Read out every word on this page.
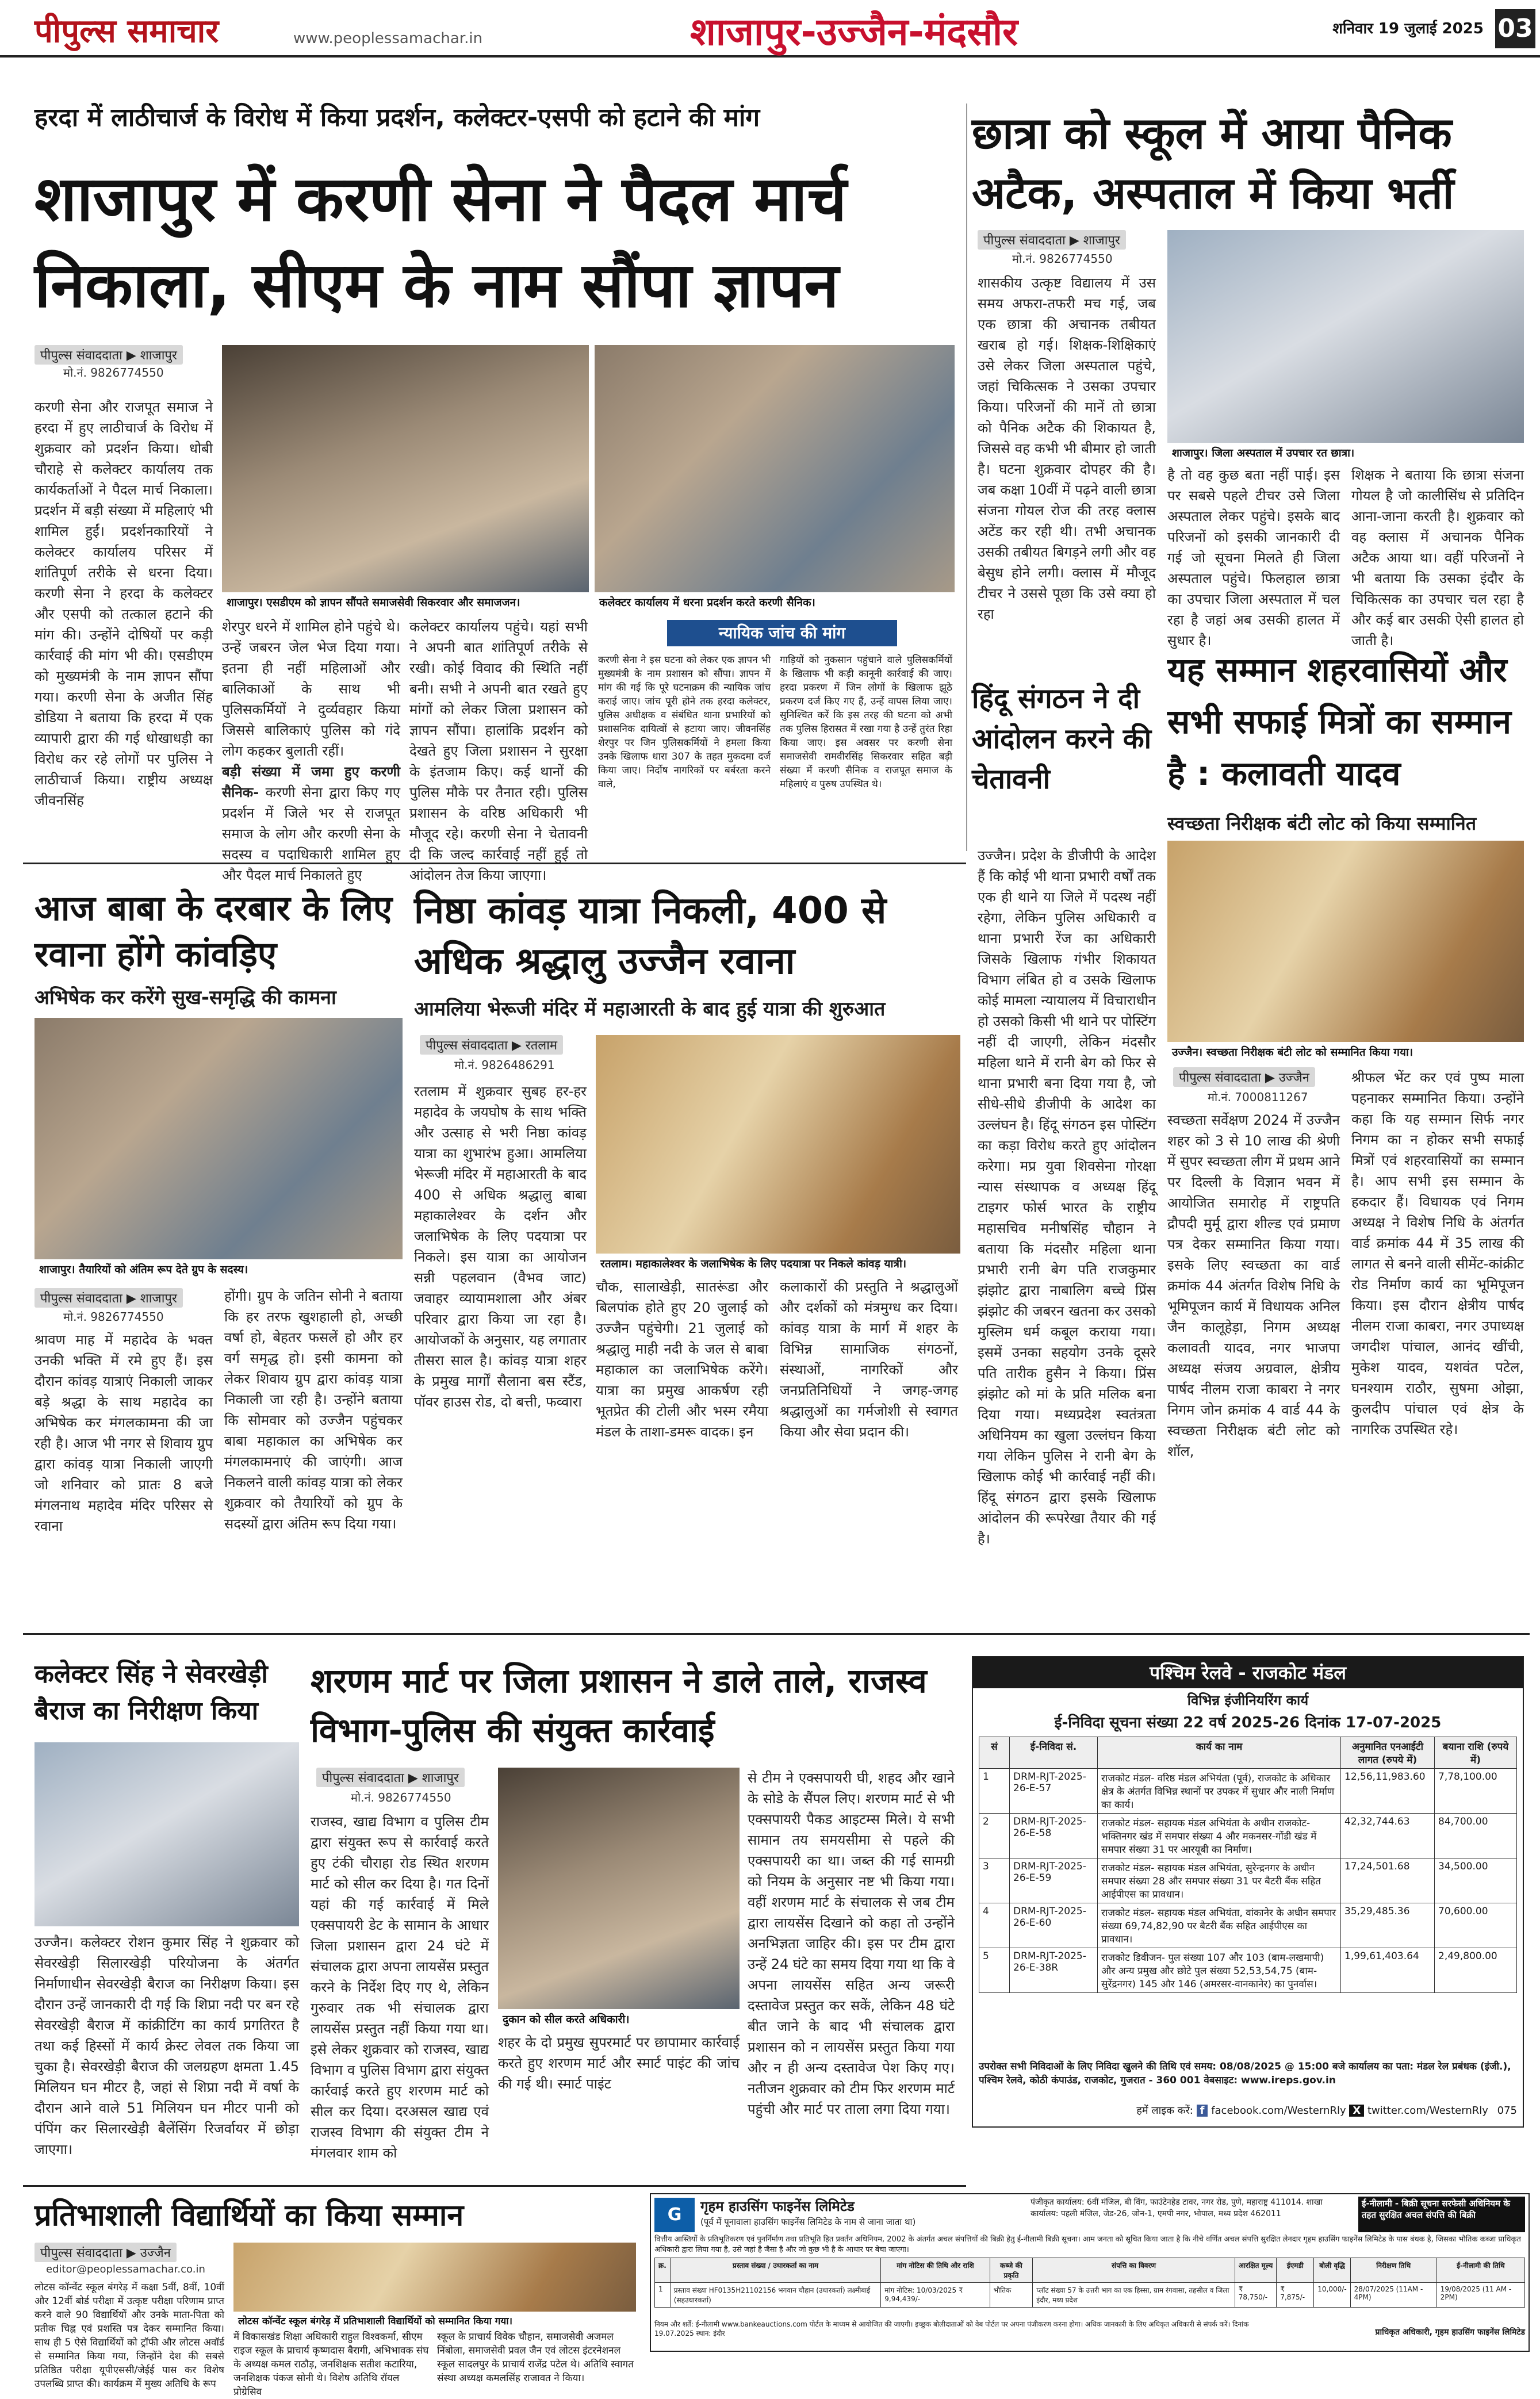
पीपुल्स समाचार	www.peoplessamachar.in	शाजापुर-उज्जैन-मंदसौर	शनिवार 19 जुलाई 2025 03
हरदा में लाठीचार्ज के विरोध में किया प्रदर्शन, कलेक्टर-एसपी को हटाने की मांग
शाजापुर में करणी सेना ने पैदल मार्च निकाला, सीएम के नाम सौंपा ज्ञापन
पीपुल्स संवाददाता ▶ शाजापुर
मो.नं. 9826774550
करणी सेना और राजपूत समाज ने हरदा में हुए लाठीचार्ज के विरोध में शुक्रवार को प्रदर्शन किया। धोबी चौराहे से कलेक्टर कार्यालय तक कार्यकर्ताओं ने पैदल मार्च निकाला। प्रदर्शन में बड़ी संख्या में महिलाएं भी शामिल हुईं। प्रदर्शनकारियों ने कलेक्टर कार्यालय परिसर में शांतिपूर्ण तरीके से धरना दिया। करणी सेना ने हरदा के कलेक्टर और एसपी को तत्काल हटाने की मांग की। उन्होंने दोषियों पर कड़ी कार्रवाई की मांग भी की। एसडीएम को मुख्यमंत्री के नाम ज्ञापन सौंपा गया। करणी सेना के अजीत सिंह डोडिया ने बताया कि हरदा में एक व्यापारी द्वारा की गई धोखाधड़ी का विरोध कर रहे लोगों पर पुलिस ने लाठीचार्ज किया। राष्ट्रीय अध्यक्ष जीवनसिंह
शाजापुर। एसडीएम को ज्ञापन सौंपते समाजसेवी सिकरवार और समाजजन।	कलेक्टर कार्यालय में धरना प्रदर्शन करते करणी सैनिक।
शेरपुर धरने में शामिल होने पहुंचे थे। उन्हें जबरन जेल भेज दिया गया। इतना ही नहीं महिलाओं और बालिकाओं के साथ भी पुलिसकर्मियों ने दुर्व्यवहार किया जिससे बालिकाएं पुलिस को गंदे लोग कहकर बुलाती रहीं।
बड़ी संख्या में जमा हुए करणी सैनिक- करणी सेना द्वारा किए गए प्रदर्शन में जिले भर से राजपूत समाज के लोग और करणी सेना के सदस्य व पदाधिकारी शामिल हुए और पैदल मार्च निकालते हुए
कलेक्टर कार्यालय पहुंचे। यहां सभी ने अपनी बात शांतिपूर्ण तरीके से रखी। कोई विवाद की स्थिति नहीं बनी। सभी ने अपनी बात रखते हुए मांगों को लेकर जिला प्रशासन को ज्ञापन सौंपा। हालांकि प्रदर्शन को देखते हुए जिला प्रशासन ने सुरक्षा के इंतजाम किए। कई थानों की पुलिस मौके पर तैनात रही। पुलिस प्रशासन के वरिष्ठ अधिकारी भी मौजूद रहे। करणी सेना ने चेतावनी दी कि जल्द कार्रवाई नहीं हुई तो आंदोलन तेज किया जाएगा।
न्यायिक जांच की मांग
करणी सेना ने इस घटना को लेकर एक ज्ञापन भी मुख्यमंत्री के नाम प्रशासन को सौंपा। ज्ञापन में मांग की गई कि पूरे घटनाक्रम की न्यायिक जांच कराई जाए। जांच पूरी होने तक हरदा कलेक्टर, पुलिस अधीक्षक व संबंधित थाना प्रभारियों को प्रशासनिक दायित्वों से हटाया जाए। जीवनसिंह शेरपुर पर जिन पुलिसकर्मियों ने हमला किया उनके खिलाफ धारा 307 के तहत मुकदमा दर्ज किया जाए। निर्दोष नागरिकों पर बर्बरता करने वाले,
गाड़ियों को नुकसान पहुंचाने वाले पुलिसकर्मियों के खिलाफ भी कड़ी कानूनी कार्रवाई की जाए। हरदा प्रकरण में जिन लोगों के खिलाफ झूठे प्रकरण दर्ज किए गए हैं, उन्हें वापस लिया जाए। सुनिश्चित करें कि इस तरह की घटना को अभी तक पुलिस हिरासत में रखा गया है उन्हें तुरंत रिहा किया जाए। इस अवसर पर करणी सेना समाजसेवी रामवीरसिंह सिकरवार सहित बड़ी संख्या में करणी सैनिक व राजपूत समाज के महिलाएं व पुरुष उपस्थित थे।
छात्रा को स्कूल में आया पैनिक अटैक, अस्पताल में किया भर्ती
पीपुल्स संवाददाता ▶ शाजापुर
मो.नं. 9826774550
शासकीय उत्कृष्ट विद्यालय में उस समय अफरा-तफरी मच गई, जब एक छात्रा की अचानक तबीयत खराब हो गई। शिक्षक-शिक्षिकाएं उसे लेकर जिला अस्पताल पहुंचे, जहां चिकित्सक ने उसका उपचार किया। परिजनों की मानें तो छात्रा को पैनिक अटैक की शिकायत है, जिससे वह कभी भी बीमार हो जाती है। घटना शुक्रवार दोपहर की है। जब कक्षा 10वीं में पढ़ने वाली छात्रा संजना गोयल रोज की तरह क्लास अटेंड कर रही थी। तभी अचानक उसकी तबीयत बिगड़ने लगी और वह बेसुध होने लगी। क्लास में मौजूद टीचर ने उससे पूछा कि उसे क्या हो रहा
शाजापुर। जिला अस्पताल में उपचार रत छात्रा।
है तो वह कुछ बता नहीं पाई। इस पर सबसे पहले टीचर उसे जिला अस्पताल लेकर पहुंचे। इसके बाद परिजनों को इसकी जानकारी दी गई जो सूचना मिलते ही जिला अस्पताल पहुंचे। फिलहाल छात्रा का उपचार जिला अस्पताल में चल रहा है जहां अब उसकी हालत में सुधार है।
शिक्षक ने बताया कि छात्रा संजना गोयल है जो कालीसिंध से प्रतिदिन आना-जाना करती है। शुक्रवार को वह क्लास में अचानक पैनिक अटैक आया था। वहीं परिजनों ने भी बताया कि उसका इंदौर के चिकित्सक का उपचार चल रहा है और कई बार उसकी ऐसी हालत हो जाती है।
हिंदू संगठन ने दी आंदोलन करने की चेतावनी
उज्जैन। प्रदेश के डीजीपी के आदेश हैं कि कोई भी थाना प्रभारी वर्षों तक एक ही थाने या जिले में पदस्थ नहीं रहेगा, लेकिन पुलिस अधिकारी व थाना प्रभारी रेंज का अधिकारी जिसके खिलाफ गंभीर शिकायत विभाग लंबित हो व उसके खिलाफ कोई मामला न्यायालय में विचाराधीन हो उसको किसी भी थाने पर पोस्टिंग नहीं दी जाएगी, लेकिन मंदसौर महिला थाने में रानी बेग को फिर से थाना प्रभारी बना दिया गया है, जो सीधे-सीधे डीजीपी के आदेश का उल्लंघन है। हिंदू संगठन इस पोस्टिंग का कड़ा विरोध करते हुए आंदोलन करेगा। मप्र युवा शिवसेना गोरक्षा न्यास संस्थापक व अध्यक्ष हिंदू टाइगर फोर्स भारत के राष्ट्रीय महासचिव मनीषसिंह चौहान ने बताया कि मंदसौर महिला थाना प्रभारी रानी बेग पति राजकुमार झंझोट द्वारा नाबालिग बच्चे प्रिंस झंझोट की जबरन खतना कर उसको मुस्लिम धर्म कबूल कराया गया। इसमें उनका सहयोग उनके दूसरे पति तारीक हुसैन ने किया। प्रिंस झंझोट को मां के प्रति मलिक बना दिया गया। मध्यप्रदेश स्वतंत्रता अधिनियम का खुला उल्लंघन किया गया लेकिन पुलिस ने रानी बेग के खिलाफ कोई भी कार्रवाई नहीं की। हिंदू संगठन द्वारा इसके खिलाफ आंदोलन की रूपरेखा तैयार की गई है।
यह सम्मान शहरवासियों और सभी सफाई मित्रों का सम्मान है : कलावती यादव
स्वच्छता निरीक्षक बंटी लोट को किया सम्मानित
उज्जैन। स्वच्छता निरीक्षक बंटी लोट को सम्मानित किया गया।
पीपुल्स संवाददाता ▶ उज्जैन
मो.नं. 7000811267
स्वच्छता सर्वेक्षण 2024 में उज्जैन शहर को 3 से 10 लाख की श्रेणी में सुपर स्वच्छता लीग में प्रथम आने पर दिल्ली के विज्ञान भवन में आयोजित समारोह में राष्ट्रपति द्रौपदी मुर्मू द्वारा शील्ड एवं प्रमाण पत्र देकर सम्मानित किया गया। इसके लिए स्वच्छता का वार्ड क्रमांक 44 अंतर्गत विशेष निधि के भूमिपूजन कार्य में विधायक अनिल जैन कालूहेड़ा, निगम अध्यक्ष कलावती यादव, नगर भाजपा अध्यक्ष संजय अग्रवाल, क्षेत्रीय पार्षद नीलम राजा काबरा ने नगर निगम जोन क्रमांक 4 वार्ड 44 के स्वच्छता निरीक्षक बंटी लोट को शॉल,
श्रीफल भेंट कर एवं पुष्प माला पहनाकर सम्मानित किया। उन्होंने कहा कि यह सम्मान सिर्फ नगर निगम का न होकर सभी सफाई मित्रों एवं शहरवासियों का सम्मान है। आप सभी इस सम्मान के हकदार हैं। विधायक एवं निगम अध्यक्ष ने विशेष निधि के अंतर्गत वार्ड क्रमांक 44 में 35 लाख की लागत से बनने वाली सीमेंट-कांक्रीट रोड निर्माण कार्य का भूमिपूजन किया। इस दौरान क्षेत्रीय पार्षद नीलम राजा काबरा, नगर उपाध्यक्ष जगदीश पांचाल, आनंद खींची, मुकेश यादव, यशवंत पटेल, घनश्याम राठौर, सुषमा ओझा, कुलदीप पांचाल एवं क्षेत्र के नागरिक उपस्थित रहे।
आज बाबा के दरबार के लिए रवाना होंगे कांवड़िए
अभिषेक कर करेंगे सुख-समृद्धि की कामना
शाजापुर। तैयारियों को अंतिम रूप देते ग्रुप के सदस्य।
पीपुल्स संवाददाता ▶ शाजापुर
मो.नं. 9826774550
श्रावण माह में महादेव के भक्त उनकी भक्ति में रमे हुए हैं। इस दौरान कांवड़ यात्राएं निकाली जाकर बड़े श्रद्धा के साथ महादेव का अभिषेक कर मंगलकामना की जा रही है। आज भी नगर से शिवाय ग्रुप द्वारा कांवड़ यात्रा निकाली जाएगी जो शनिवार को प्रातः 8 बजे मंगलनाथ महादेव मंदिर परिसर से रवाना
होंगी। ग्रुप के जतिन सोनी ने बताया कि हर तरफ खुशहाली हो, अच्छी वर्षा हो, बेहतर फसलें हो और हर वर्ग समृद्ध हो। इसी कामना को लेकर शिवाय ग्रुप द्वारा कांवड़ यात्रा निकाली जा रही है। उन्होंने बताया कि सोमवार को उज्जैन पहुंचकर बाबा महाकाल का अभिषेक कर मंगलकामनाएं की जाएंगी। आज निकलने वाली कांवड़ यात्रा को लेकर शुक्रवार को तैयारियों को ग्रुप के सदस्यों द्वारा अंतिम रूप दिया गया।
निष्ठा कांवड़ यात्रा निकली, 400 से अधिक श्रद्धालु उज्जैन रवाना
आमलिया भेरूजी मंदिर में महाआरती के बाद हुई यात्रा की शुरुआत
पीपुल्स संवाददाता ▶ रतलाम
मो.नं. 9826486291
रतलाम में शुक्रवार सुबह हर-हर महादेव के जयघोष के साथ भक्ति और उत्साह से भरी निष्ठा कांवड़ यात्रा का शुभारंभ हुआ। आमलिया भेरूजी मंदिर में महाआरती के बाद 400 से अधिक श्रद्धालु बाबा महाकालेश्वर के दर्शन और जलाभिषेक के लिए पदयात्रा पर निकले। इस यात्रा का आयोजन सन्नी पहलवान (वैभव जाट) जवाहर व्यायामशाला और अंबर परिवार द्वारा किया जा रहा है। आयोजकों के अनुसार, यह लगातार तीसरा साल है। कांवड़ यात्रा शहर के प्रमुख मार्गों सैलाना बस स्टैंड, पॉवर हाउस रोड, दो बत्ती, फव्वारा
रतलाम। महाकालेश्वर के जलाभिषेक के लिए पदयात्रा पर निकले कांवड़ यात्री।
चौक, सालाखेड़ी, सातरूंडा और बिलपांक होते हुए 20 जुलाई को उज्जैन पहुंचेगी। 21 जुलाई को श्रद्धालु माही नदी के जल से बाबा महाकाल का जलाभिषेक करेंगे। यात्रा का प्रमुख आकर्षण रही भूतप्रेत की टोली और भस्म रमैया मंडल के ताशा-डमरू वादक। इन
कलाकारों की प्रस्तुति ने श्रद्धालुओं और दर्शकों को मंत्रमुग्ध कर दिया। कांवड़ यात्रा के मार्ग में शहर के विभिन्न सामाजिक संगठनों, संस्थाओं, नागरिकों और जनप्रतिनिधियों ने जगह-जगह श्रद्धालुओं का गर्मजोशी से स्वागत किया और सेवा प्रदान की।
कलेक्टर सिंह ने सेवरखेड़ी बैराज का निरीक्षण किया
उज्जैन। कलेक्टर रोशन कुमार सिंह ने शुक्रवार को सेवरखेड़ी सिलारखेड़ी परियोजना के अंतर्गत निर्माणाधीन सेवरखेड़ी बैराज का निरीक्षण किया। इस दौरान उन्हें जानकारी दी गई कि शिप्रा नदी पर बन रहे सेवरखेड़ी बैराज में कांक्रीटिंग का कार्य प्रगतिरत है तथा कई हिस्सों में कार्य क्रेस्ट लेवल तक किया जा चुका है। सेवरखेड़ी बैराज की जलग्रहण क्षमता 1.45 मिलियन घन मीटर है, जहां से शिप्रा नदी में वर्षा के दौरान आने वाले 51 मिलियन घन मीटर पानी को पंपिंग कर सिलारखेड़ी बैलेंसिंग रिजर्वायर में छोड़ा जाएगा।
शरणम मार्ट पर जिला प्रशासन ने डाले ताले, राजस्व विभाग-पुलिस की संयुक्त कार्रवाई
पीपुल्स संवाददाता ▶ शाजापुर
मो.नं. 9826774550
राजस्व, खाद्य विभाग व पुलिस टीम द्वारा संयुक्त रूप से कार्रवाई करते हुए टंकी चौराहा रोड स्थित शरणम मार्ट को सील कर दिया है। गत दिनों यहां की गई कार्रवाई में मिले एक्सपायरी डेट के सामान के आधार जिला प्रशासन द्वारा 24 घंटे में संचालक द्वारा अपना लायसेंस प्रस्तुत करने के निर्देश दिए गए थे, लेकिन गुरुवार तक भी संचालक द्वारा लायसेंस प्रस्तुत नहीं किया गया था। इसे लेकर शुक्रवार को राजस्व, खाद्य विभाग व पुलिस विभाग द्वारा संयुक्त कार्रवाई करते हुए शरणम मार्ट को सील कर दिया। दरअसल खाद्य एवं राजस्व विभाग की संयुक्त टीम ने मंगलवार शाम को
दुकान को सील करते अधिकारी।
शहर के दो प्रमुख सुपरमार्ट पर छापामार कार्रवाई करते हुए शरणम मार्ट और स्मार्ट पाइंट की जांच की गई थी। स्मार्ट पाइंट
से टीम ने एक्सपायरी घी, शहद और खाने के सोडे के सैंपल लिए। शरणम मार्ट से भी एक्सपायरी पैकड आइटम्स मिले। ये सभी सामान तय समयसीमा से पहले की एक्सपायरी का था। जब्त की गई सामग्री को नियम के अनुसार नष्ट भी किया गया। वहीं शरणम मार्ट के संचालक से जब टीम द्वारा लायसेंस दिखाने को कहा तो उन्होंने अनभिज्ञता जाहिर की। इस पर टीम द्वारा उन्हें 24 घंटे का समय दिया गया था कि वे अपना लायसेंस सहित अन्य जरूरी दस्तावेज प्रस्तुत कर सकें, लेकिन 48 घंटे बीत जाने के बाद भी संचालक द्वारा प्रशासन को न लायसेंस प्रस्तुत किया गया और न ही अन्य दस्तावेज पेश किए गए। नतीजन शुक्रवार को टीम फिर शरणम मार्ट पहुंची और मार्ट पर ताला लगा दिया गया।
पश्चिम रेलवे - राजकोट मंडल
विभिन्न इंजीनियरिंग कार्य
ई-निविदा सूचना संख्या 22 वर्ष 2025-26 दिनांक 17-07-2025
सं	ई-निविदा सं.	कार्य का नाम	अनुमानित एनआईटी लागत (रुपये में)	बयाना राशि (रुपये में)
1	DRM-RJT-2025-26-E-57	राजकोट मंडल- वरिष्ठ मंडल अभियंता (पूर्व), राजकोट के अधिकार क्षेत्र के अंतर्गत विभिन्न स्थानों पर उपकर में सुधार और नाली निर्माण का कार्य।	12,56,11,983.60	7,78,100.00
2	DRM-RJT-2025-26-E-58	राजकोट मंडल- सहायक मंडल अभियंता के अधीन राजकोट-भक्तिनगर खंड में समपार संख्या 4 और मकनसर-गोंडी खंड में समपार संख्या 31 पर आरयूबी का निर्माण।	42,32,744.63	84,700.00
3	DRM-RJT-2025-26-E-59	राजकोट मंडल- सहायक मंडल अभियंता, सुरेन्द्रनगर के अधीन समपार संख्या 28 और समपार संख्या 31 पर बैटरी बैंक सहित आईपीएस का प्रावधान।	17,24,501.68	34,500.00
4	DRM-RJT-2025-26-E-60	राजकोट मंडल- सहायक मंडल अभियंता, वांकानेर के अधीन समपार संख्या 69,74,82,90 पर बैटरी बैंक सहित आईपीएस का प्रावधान।	35,29,485.36	70,600.00
5	DRM-RJT-2025-26-E-38R	राजकोट डिवीजन- पुल संख्या 107 और 103 (बाम-लखमापी) और अन्य प्रमुख और छोटे पुल संख्या 52,53,54,75 (बाम-सुरेंद्रनगर) 145 और 146 (अमरसर-वानकानेर) का पुनर्वास।	1,99,61,403.64	2,49,800.00
उपरोक्त सभी निविदाओं के लिए निविदा खुलने की तिथि एवं समय: 08/08/2025 @ 15:00 बजे कार्यालय का पता: मंडल रेल प्रबंधक (इंजी.), पश्चिम रेलवे, कोठी कंपाउंड, राजकोट, गुजरात - 360 001 वेबसाइट: www.ireps.gov.in
हमें लाइक करें: f facebook.com/WesternRly X twitter.com/WesternRly 075
प्रतिभाशाली विद्यार्थियों का किया सम्मान
पीपुल्स संवाददाता ▶ उज्जैन
editor@peoplessamachar.co.in
लोटस कॉन्वेंट स्कूल बंगरेड़ में कक्षा 5वीं, 8वीं, 10वीं और 12वीं बोर्ड परीक्षा में उत्कृष्ट परीक्षा परिणाम प्राप्त करने वाले 90 विद्यार्थियों और उनके माता-पिता को प्रतीक चिह्न एवं प्रशस्ति पत्र देकर सम्मानित किया। साथ ही 5 ऐसे विद्यार्थियों को ट्रॉफी और लोटस अवॉर्ड से सम्मानित किया गया, जिन्होंने देश की सबसे प्रतिष्ठित परीक्षा यूपीएससी/जेईई पास कर विशेष उपलब्धि प्राप्त की। कार्यक्रम में मुख्य अतिथि के रूप
लोटस कॉन्वेंट स्कूल बंगरेड़ में प्रतिभाशाली विद्यार्थियों को सम्मानित किया गया।
में विकासखंड शिक्षा अधिकारी राहुल विश्वकर्मा, सीएम राइज स्कूल के प्राचार्य कृष्णदास बैरागी, अभिभावक संघ के अध्यक्ष कमल राठौड़, जनशिक्षक सतीश कटारिया, जनशिक्षक पंकज सोनी थे। विशेष अतिथि रॉयल प्रोग्रेसिव
स्कूल के प्राचार्य विवेक चौहान, समाजसेवी अजमल निंबोला, समाजसेवी प्रवल जैन एवं लोटस इंटरनेशनल स्कूल सादलपुर के प्राचार्य राजेंद्र पटेल थे। अतिथि स्वागत संस्था अध्यक्ष कमलसिंह राजावत ने किया।
G	गृहम हाउसिंग फाइनेंस लिमिटेड
(पूर्व में पूनावाला हाउसिंग फाइनेंस लिमिटेड के नाम से जाना जाता था)
पंजीकृत कार्यालय: 6वीं मंजिल, बी विंग, फाउंटेनहेड टावर, नगर रोड, पुणे, महाराष्ट्र 411014. शाखा कार्यालय: पहली मंजिल, जेड-26, जोन-1, एमपी नगर, भोपाल, मध्य प्रदेश 462011
ई-नीलामी - बिक्री सूचना सरफेसी अधिनियम के तहत सुरक्षित अचल संपत्ति की बिक्री
वित्तीय आस्तियों के प्रतिभूतिकरण एवं पुनर्निर्माण तथा प्रतिभूति हित प्रवर्तन अधिनियम, 2002 के अंतर्गत अचल संपत्तियों की बिक्री हेतु ई-नीलामी बिक्री सूचना। आम जनता को सूचित किया जाता है कि नीचे वर्णित अचल संपत्ति सुरक्षित लेनदार गृहम हाउसिंग फाइनेंस लिमिटेड के पास बंधक है, जिसका भौतिक कब्जा प्राधिकृत अधिकारी द्वारा लिया गया है, उसे जहां है जैसा है और जो कुछ भी है के आधार पर बेचा जाएगा।
क्र.	प्रस्ताव संख्या / उधारकर्ता का नाम	मांग नोटिस की तिथि और राशि	कब्जे की प्रकृति	संपत्ति का विवरण	आरक्षित मूल्य	ईएमडी	बोली वृद्धि	निरीक्षण तिथि	ई-नीलामी की तिथि
1	प्रस्ताव संख्या HF0135H21102156 भगवान चौहान (उधारकर्ता) लक्ष्मीबाई (सहउधारकर्ता)	मांग नोटिस: 10/03/2025 ₹ 9,94,439/-	भौतिक	प्लॉट संख्या 57 के उत्तरी भाग का एक हिस्सा, ग्राम रंगवासा, तहसील व जिला इंदौर, मध्य प्रदेश	₹ 78,750/-	₹ 7,875/-	10,000/-	28/07/2025 (11AM - 4PM)	19/08/2025 (11 AM - 2PM)
नियम और शर्तें: ई-नीलामी www.bankeauctions.com पोर्टल के माध्यम से आयोजित की जाएगी। इच्छुक बोलीदाताओं को वेब पोर्टल पर अपना पंजीकरण करना होगा। अधिक जानकारी के लिए अधिकृत अधिकारी से संपर्क करें। दिनांक 19.07.2025 स्थान: इंदौर	प्राधिकृत अधिकारी, गृहम हाउसिंग फाइनेंस लिमिटेड
